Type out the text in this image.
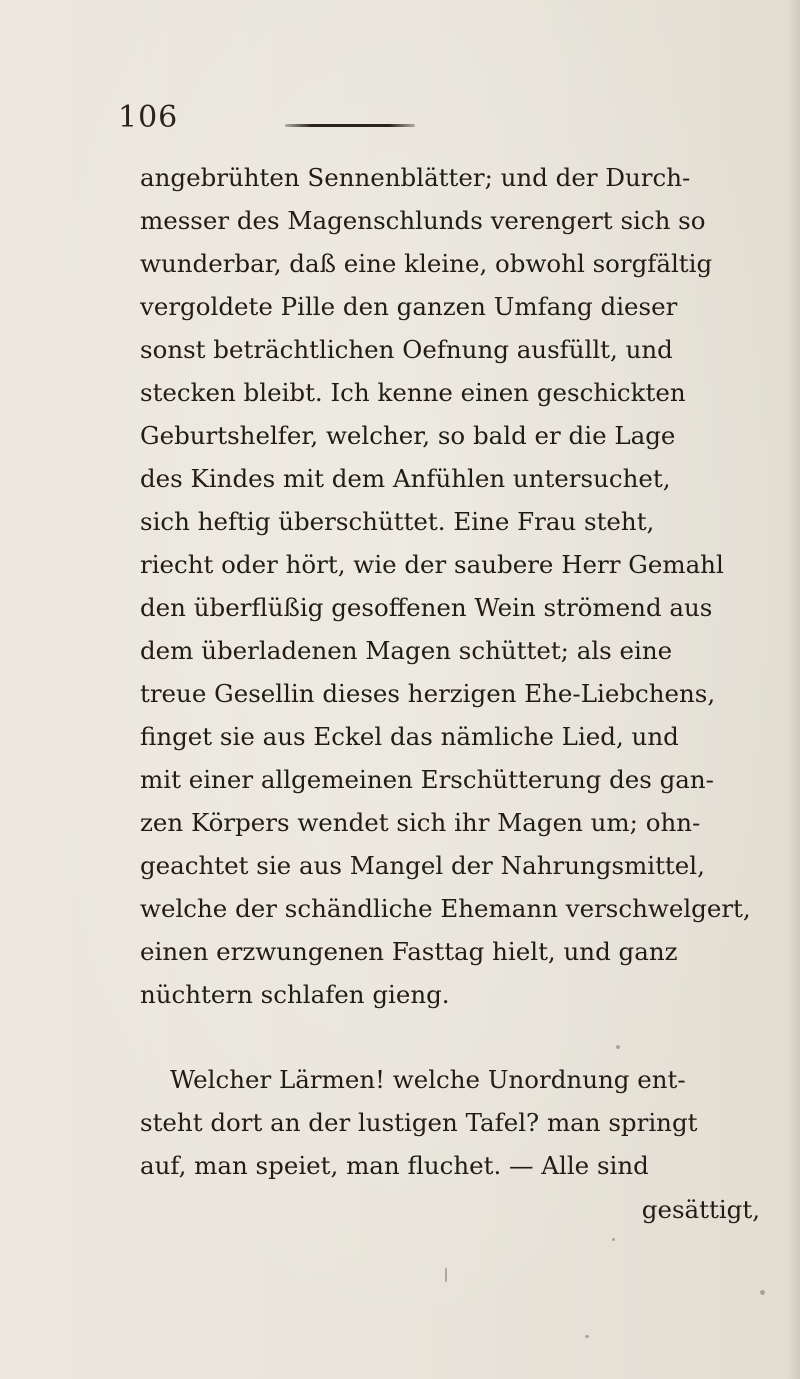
106
angebrühten Sennenblätter; und der Durch-
messer des Magenschlunds verengert sich so
wunderbar, daß eine kleine, obwohl sorgfältig
vergoldete Pille den ganzen Umfang dieser
sonst beträchtlichen Oefnung ausfüllt, und
stecken bleibt. Ich kenne einen geschickten
Geburtshelfer, welcher, so bald er die Lage
des Kindes mit dem Anfühlen untersuchet,
sich heftig überschüttet. Eine Frau steht,
riecht oder hört, wie der saubere Herr Gemahl
den überflüßig gesoffenen Wein strömend aus
dem überladenen Magen schüttet; als eine
treue Gesellin dieses herzigen Ehe-Liebchens,
finget sie aus Eckel das nämliche Lied, und
mit einer allgemeinen Erschütterung des gan-
zen Körpers wendet sich ihr Magen um; ohn-
geachtet sie aus Mangel der Nahrungsmittel,
welche der schändliche Ehemann verschwelgert,
einen erzwungenen Fasttag hielt, und ganz
nüchtern schlafen gieng.
Welcher Lärmen! welche Unordnung ent-
steht dort an der lustigen Tafel? man springt
auf, man speiet, man fluchet. — Alle sind
gesättigt,
